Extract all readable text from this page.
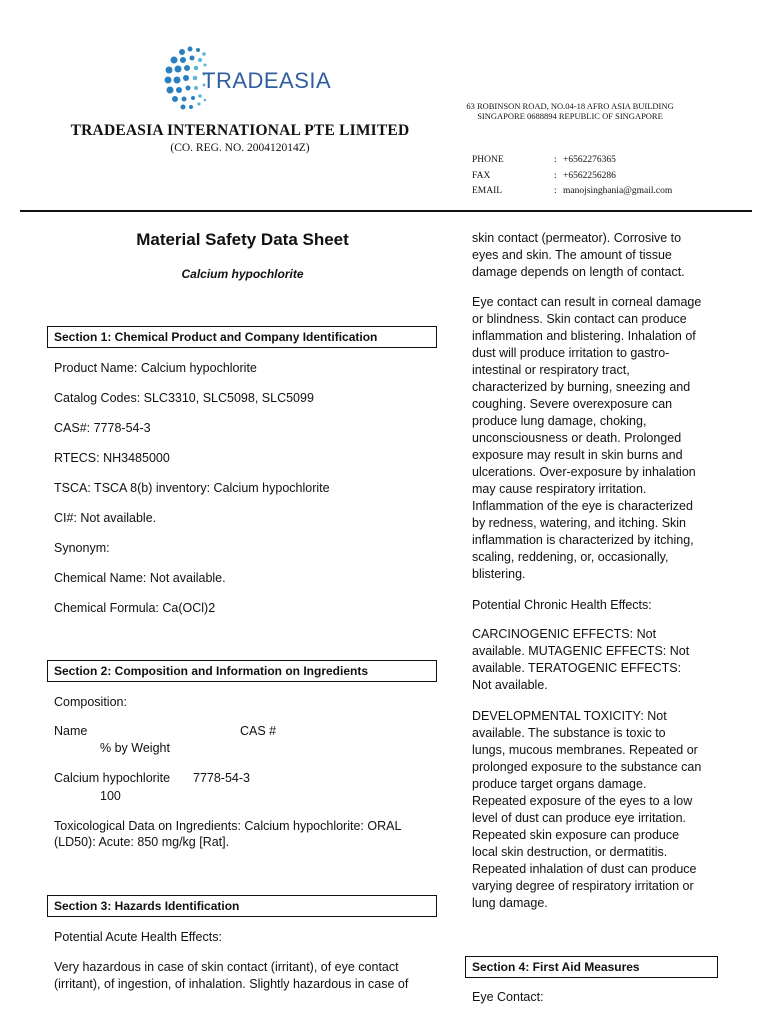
TRADEASIA
TRADEASIA INTERNATIONAL PTE LIMITED
(CO. REG. NO. 200412014Z)
63 ROBINSON ROAD, NO.04-18 AFRO ASIA BUILDING
SINGAPORE 0688894 REPUBLIC OF SINGAPORE
PHONE	: +6562276365
FAX	: +6562256286
EMAIL	: manojsinghania@gmail.com
Material Safety Data Sheet
Calcium hypochlorite
Section 1: Chemical Product and Company Identification
Product Name: Calcium hypochlorite
Catalog Codes: SLC3310, SLC5098, SLC5099
CAS#: 7778-54-3
RTECS: NH3485000
TSCA: TSCA 8(b) inventory: Calcium hypochlorite
CI#: Not available.
Synonym:
Chemical Name: Not available.
Chemical Formula: Ca(OCl)2
Section 2: Composition and Information on Ingredients
Composition:
Name	CAS #
% by Weight
Calcium hypochlorite 7778-54-3
100
Toxicological Data on Ingredients: Calcium hypochlorite: ORAL
(LD50): Acute: 850 mg/kg [Rat].
Section 3: Hazards Identification
Potential Acute Health Effects:
Very hazardous in case of skin contact (irritant), of eye contact
(irritant), of ingestion, of inhalation. Slightly hazardous in case of
skin contact (permeator). Corrosive to
eyes and skin. The amount of tissue
damage depends on length of contact.
Eye contact can result in corneal damage
or blindness. Skin contact can produce
inflammation and blistering. Inhalation of
dust will produce irritation to gastro-
intestinal or respiratory tract,
characterized by burning, sneezing and
coughing. Severe overexposure can
produce lung damage, choking,
unconsciousness or death. Prolonged
exposure may result in skin burns and
ulcerations. Over-exposure by inhalation
may cause respiratory irritation.
Inflammation of the eye is characterized
by redness, watering, and itching. Skin
inflammation is characterized by itching,
scaling, reddening, or, occasionally,
blistering.
Potential Chronic Health Effects:
CARCINOGENIC EFFECTS: Not
available. MUTAGENIC EFFECTS: Not
available. TERATOGENIC EFFECTS:
Not available.
DEVELOPMENTAL TOXICITY: Not
available. The substance is toxic to
lungs, mucous membranes. Repeated or
prolonged exposure to the substance can
produce target organs damage.
Repeated exposure of the eyes to a low
level of dust can produce eye irritation.
Repeated skin exposure can produce
local skin destruction, or dermatitis.
Repeated inhalation of dust can produce
varying degree of respiratory irritation or
lung damage.
Section 4: First Aid Measures
Eye Contact:
